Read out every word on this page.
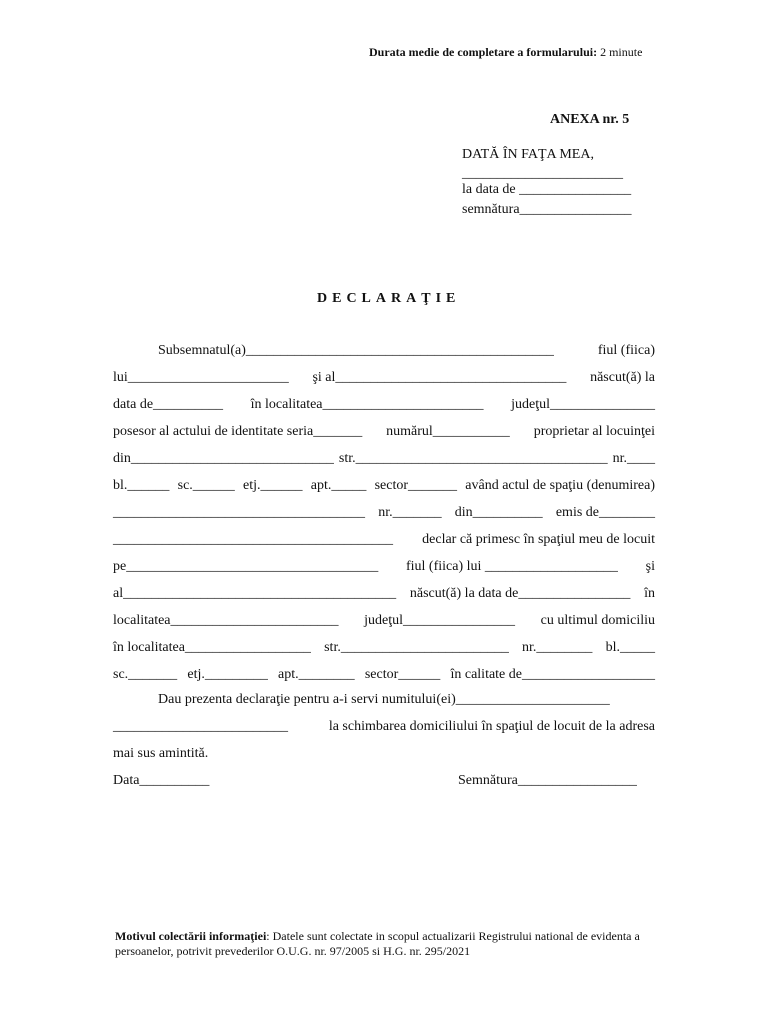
Durata medie de completare a formularului: 2 minute
ANEXA nr. 5
DATĂ ÎN FAŢA MEA,
_______________________
la data de ________________
semnătura________________
DECLARAŢIE
Subsemnatul(a)____________________________________________	fiul (fiica)
lui_______________________ şi al_________________________________ născut(ă) la
data de__________ în localitatea_______________________ judeţul_______________
posesor al actului de identitate seria_______ numărul___________ proprietar al locuinţei
din_____________________________ str.____________________________________ nr.____
bl.______ sc.______ etj.______ apt._____ sector_______ având actul de spaţiu (denumirea)
____________________________________ nr._______ din__________ emis de________
________________________________________ declar că primesc în spaţiul meu de locuit
pe____________________________________ fiul (fiica) lui ___________________ şi
al_______________________________________ născut(ă) la data de________________ în
localitatea________________________ judeţul________________ cu ultimul domiciliu
în localitatea__________________ str.________________________ nr.________ bl._____
sc._______ etj._________ apt.________ sector______ în calitate de___________________
Dau prezenta declaraţie pentru a-i servi numitului(ei)______________________
_________________________	la schimbarea domiciliului în spaţiul de locuit de la adresa
mai sus amintită.
Data__________	Semnătura_________________
Motivul colectării informaţiei: Datele sunt colectate in scopul actualizarii Registrului national de evidenta a persoanelor, potrivit prevederilor O.U.G. nr. 97/2005 si H.G. nr. 295/2021
